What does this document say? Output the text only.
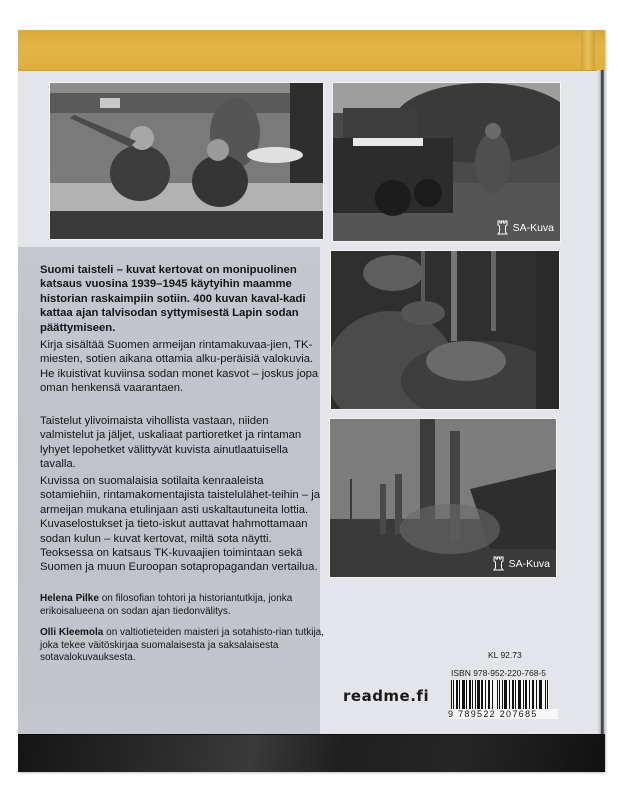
SA-Kuva
SA-Kuva

Suomi taisteli – kuvat kertovat on monipuolinen katsaus vuosina 1939–1945 käytyihin maamme historian raskaimpiin sotiin. 400 kuvan kaval-kadi kattaa ajan talvisodan syttymisestä Lapin sodan päättymiseen.

Kirja sisältää Suomen armeijan rintamakuvaa-jien, TK-miesten, sotien aikana ottamia alku-peräisiä valokuvia. He ikuistivat kuviinsa sodan monet kasvot – joskus jopa oman henkensä vaarantaen.

Taistelut ylivoimaista vihollista vastaan, niiden valmistelut ja jäljet, uskaliaat partioretket ja rintaman lyhyet lepohetket välittyvät kuvista ainutlaatuisella tavalla.

Kuvissa on suomalaisia sotilaita kenraaleista sotamiehiin, rintamakomentajista taistelulähet-teihin – ja armeijan mukana etulinjaan asti uskaltautuneita lottia. Kuvaselostukset ja tieto-iskut auttavat hahmottamaan sodan kulun – kuvat kertovat, miltä sota näytti. Teoksessa on katsaus TK-kuvaajien toimintaan sekä Suomen ja muun Euroopan sotapropagandan vertailua.

Helena Pilke on filosofian tohtori ja historiantutkija, jonka erikoisalueena on sodan ajan tiedonvälitys.

Olli Kleemola on valtiotieteiden maisteri ja sotahisto-rian tutkija, joka tekee väitöskirjaa suomalaisesta ja saksalaisesta sotavalokuvauksesta.

readme.fi
KL 92.73
ISBN 978-952-220-768-5
9 789522 207685
